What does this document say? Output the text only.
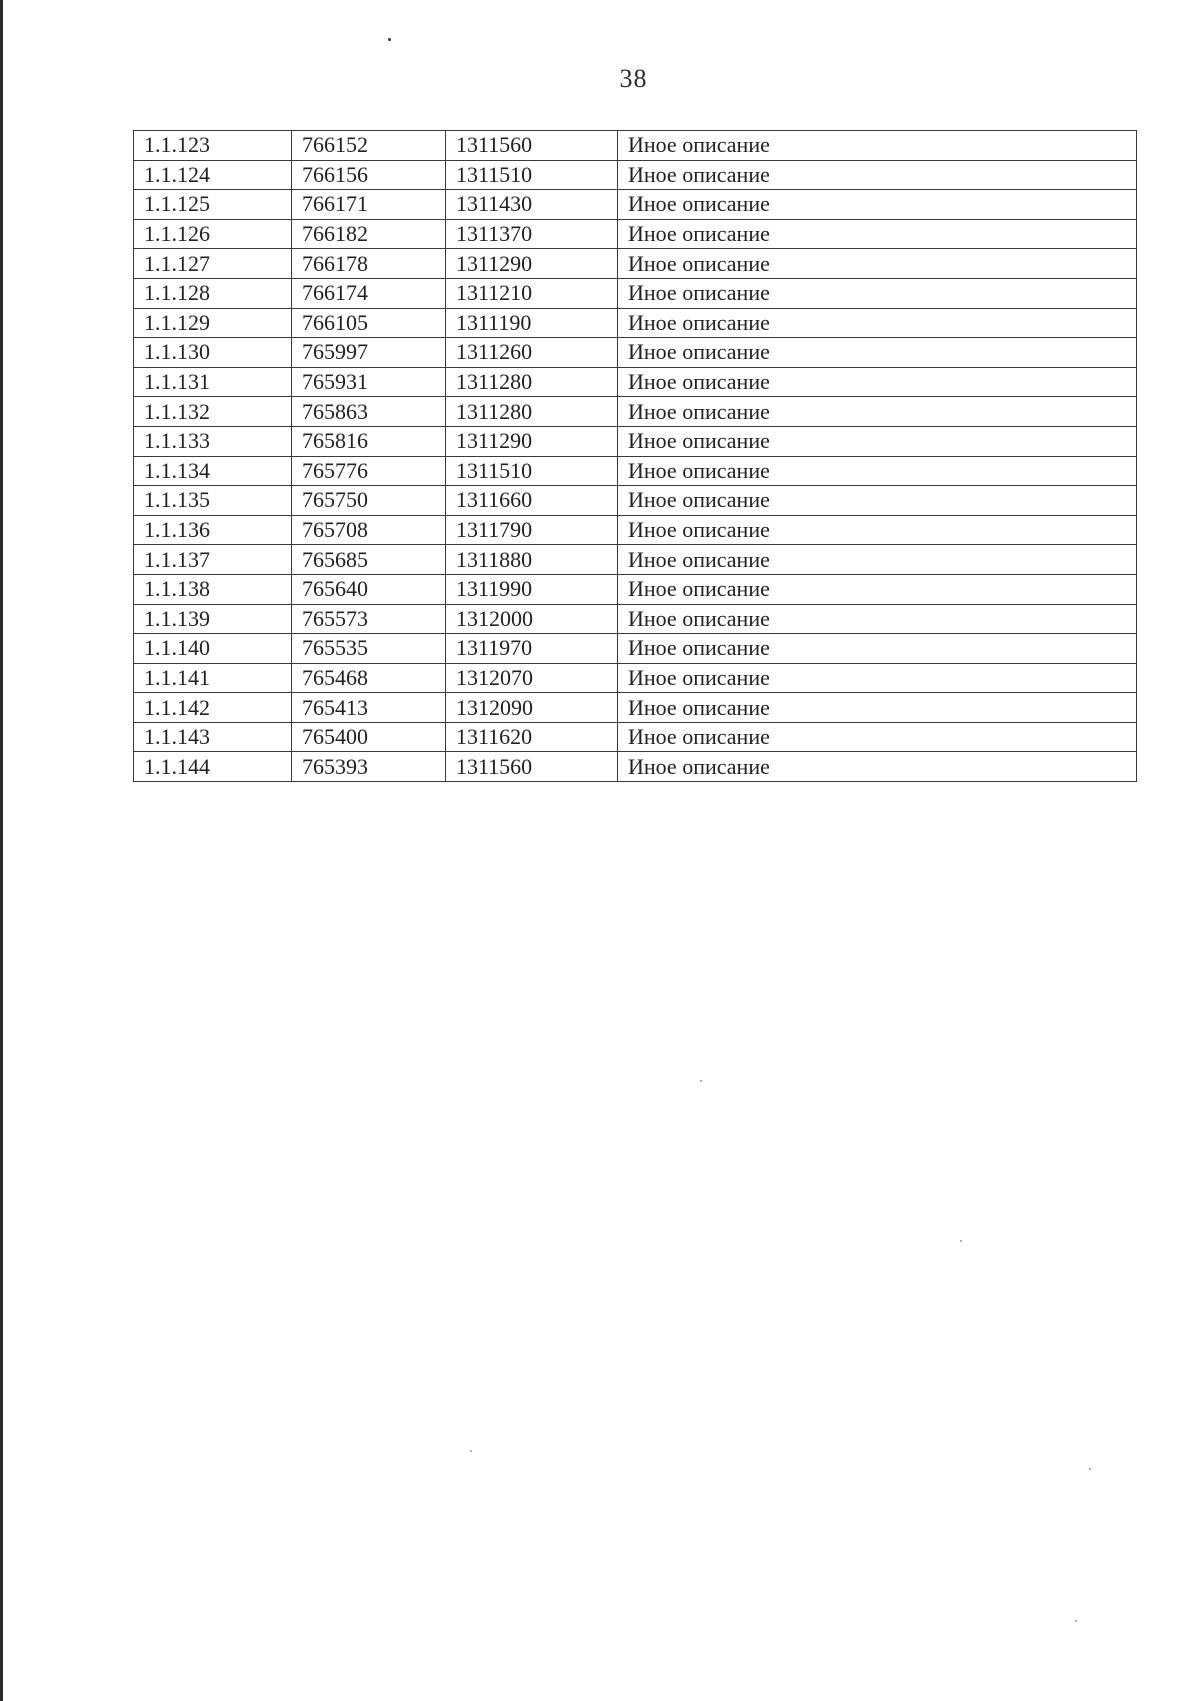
38
1.1.123	766152	1311560	Иное описание
1.1.124	766156	1311510	Иное описание
1.1.125	766171	1311430	Иное описание
1.1.126	766182	1311370	Иное описание
1.1.127	766178	1311290	Иное описание
1.1.128	766174	1311210	Иное описание
1.1.129	766105	1311190	Иное описание
1.1.130	765997	1311260	Иное описание
1.1.131	765931	1311280	Иное описание
1.1.132	765863	1311280	Иное описание
1.1.133	765816	1311290	Иное описание
1.1.134	765776	1311510	Иное описание
1.1.135	765750	1311660	Иное описание
1.1.136	765708	1311790	Иное описание
1.1.137	765685	1311880	Иное описание
1.1.138	765640	1311990	Иное описание
1.1.139	765573	1312000	Иное описание
1.1.140	765535	1311970	Иное описание
1.1.141	765468	1312070	Иное описание
1.1.142	765413	1312090	Иное описание
1.1.143	765400	1311620	Иное описание
1.1.144	765393	1311560	Иное описание
